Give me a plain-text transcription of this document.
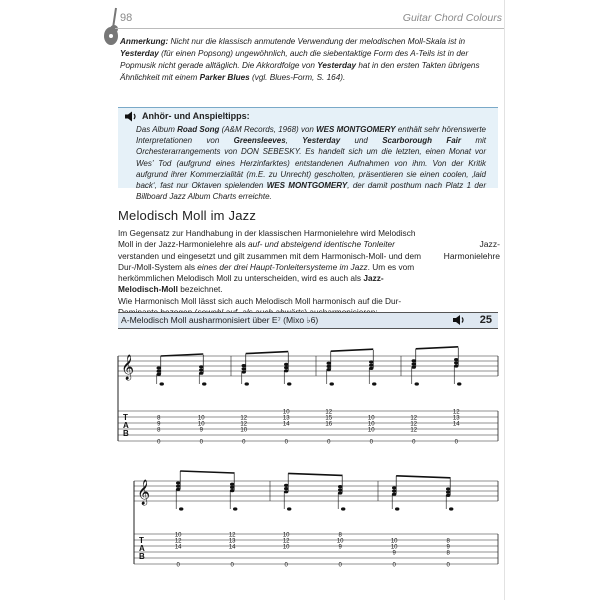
98	Guitar Chord Colours
Anmerkung: Nicht nur die klassisch anmutende Verwendung der melodischen Moll-Skala ist in Yesterday (für einen Popsong) ungewöhnlich, auch die siebentaktige Form des A-Teils ist in der Popmusik nicht gerade alltäglich. Die Akkordfolge von Yesterday hat in den ersten Takten übrigens Ähnlichkeit mit einem Parker Blues (vgl. Blues-Form, S. 164).
Anhör- und Anspieltipps:
Das Album Road Song (A&M Records, 1968) von WES MONTGOMERY enthält sehr hörenswerte Interpretationen von Greensleeves, Yesterday und Scarborough Fair mit Orchesterarrangements von DON SEBESKY. Es handelt sich um die letzten, einen Monat vor Wes’ Tod (aufgrund eines Herzinfarktes) entstandenen Aufnahmen von ihm. Von der Kritik aufgrund ihrer Kommerzialität (m.E. zu Unrecht) gescholten, präsentieren sie einen coolen, ‚laid back‘, fast nur Oktaven spielenden WES MONTGOMERY, der damit posthum nach Platz 1 der Billboard Jazz Album Charts erreichte.
Melodisch Moll im Jazz
Jazz-Harmonielehre
Im Gegensatz zur Handhabung in der klassischen Harmonielehre wird Melodisch Moll in der Jazz-Harmonielehre als auf- und absteigend identische Tonleiter verstanden und eingesetzt und gilt zusammen mit dem Harmonisch-Moll- und dem Dur-/Moll-System als eines der drei Haupt-Tonleitersysteme im Jazz. Um es vom herkömmlichen Melodisch Moll zu unterscheiden, wird es auch als Jazz-Melodisch-Moll bezeichnet.
Wie Harmonisch Moll lässt sich auch Melodisch Moll harmonisch auf die Dur-
A-Melodisch Moll ausharmonisiert über E⁷ (Mixo ♭6)	25
𝄞
T
A
B
8
9
8
0
10
10
9
0
12
12
10
0
10
13
14
0
12
15
16
0
10
10
10
0
12
12
12
0
12
13
14
0
𝄞
T
A
B
10
12
14
0
12
13
14
0
10
12
10
0
8
10
9
0
10
10
9
0
8
9
8
0
